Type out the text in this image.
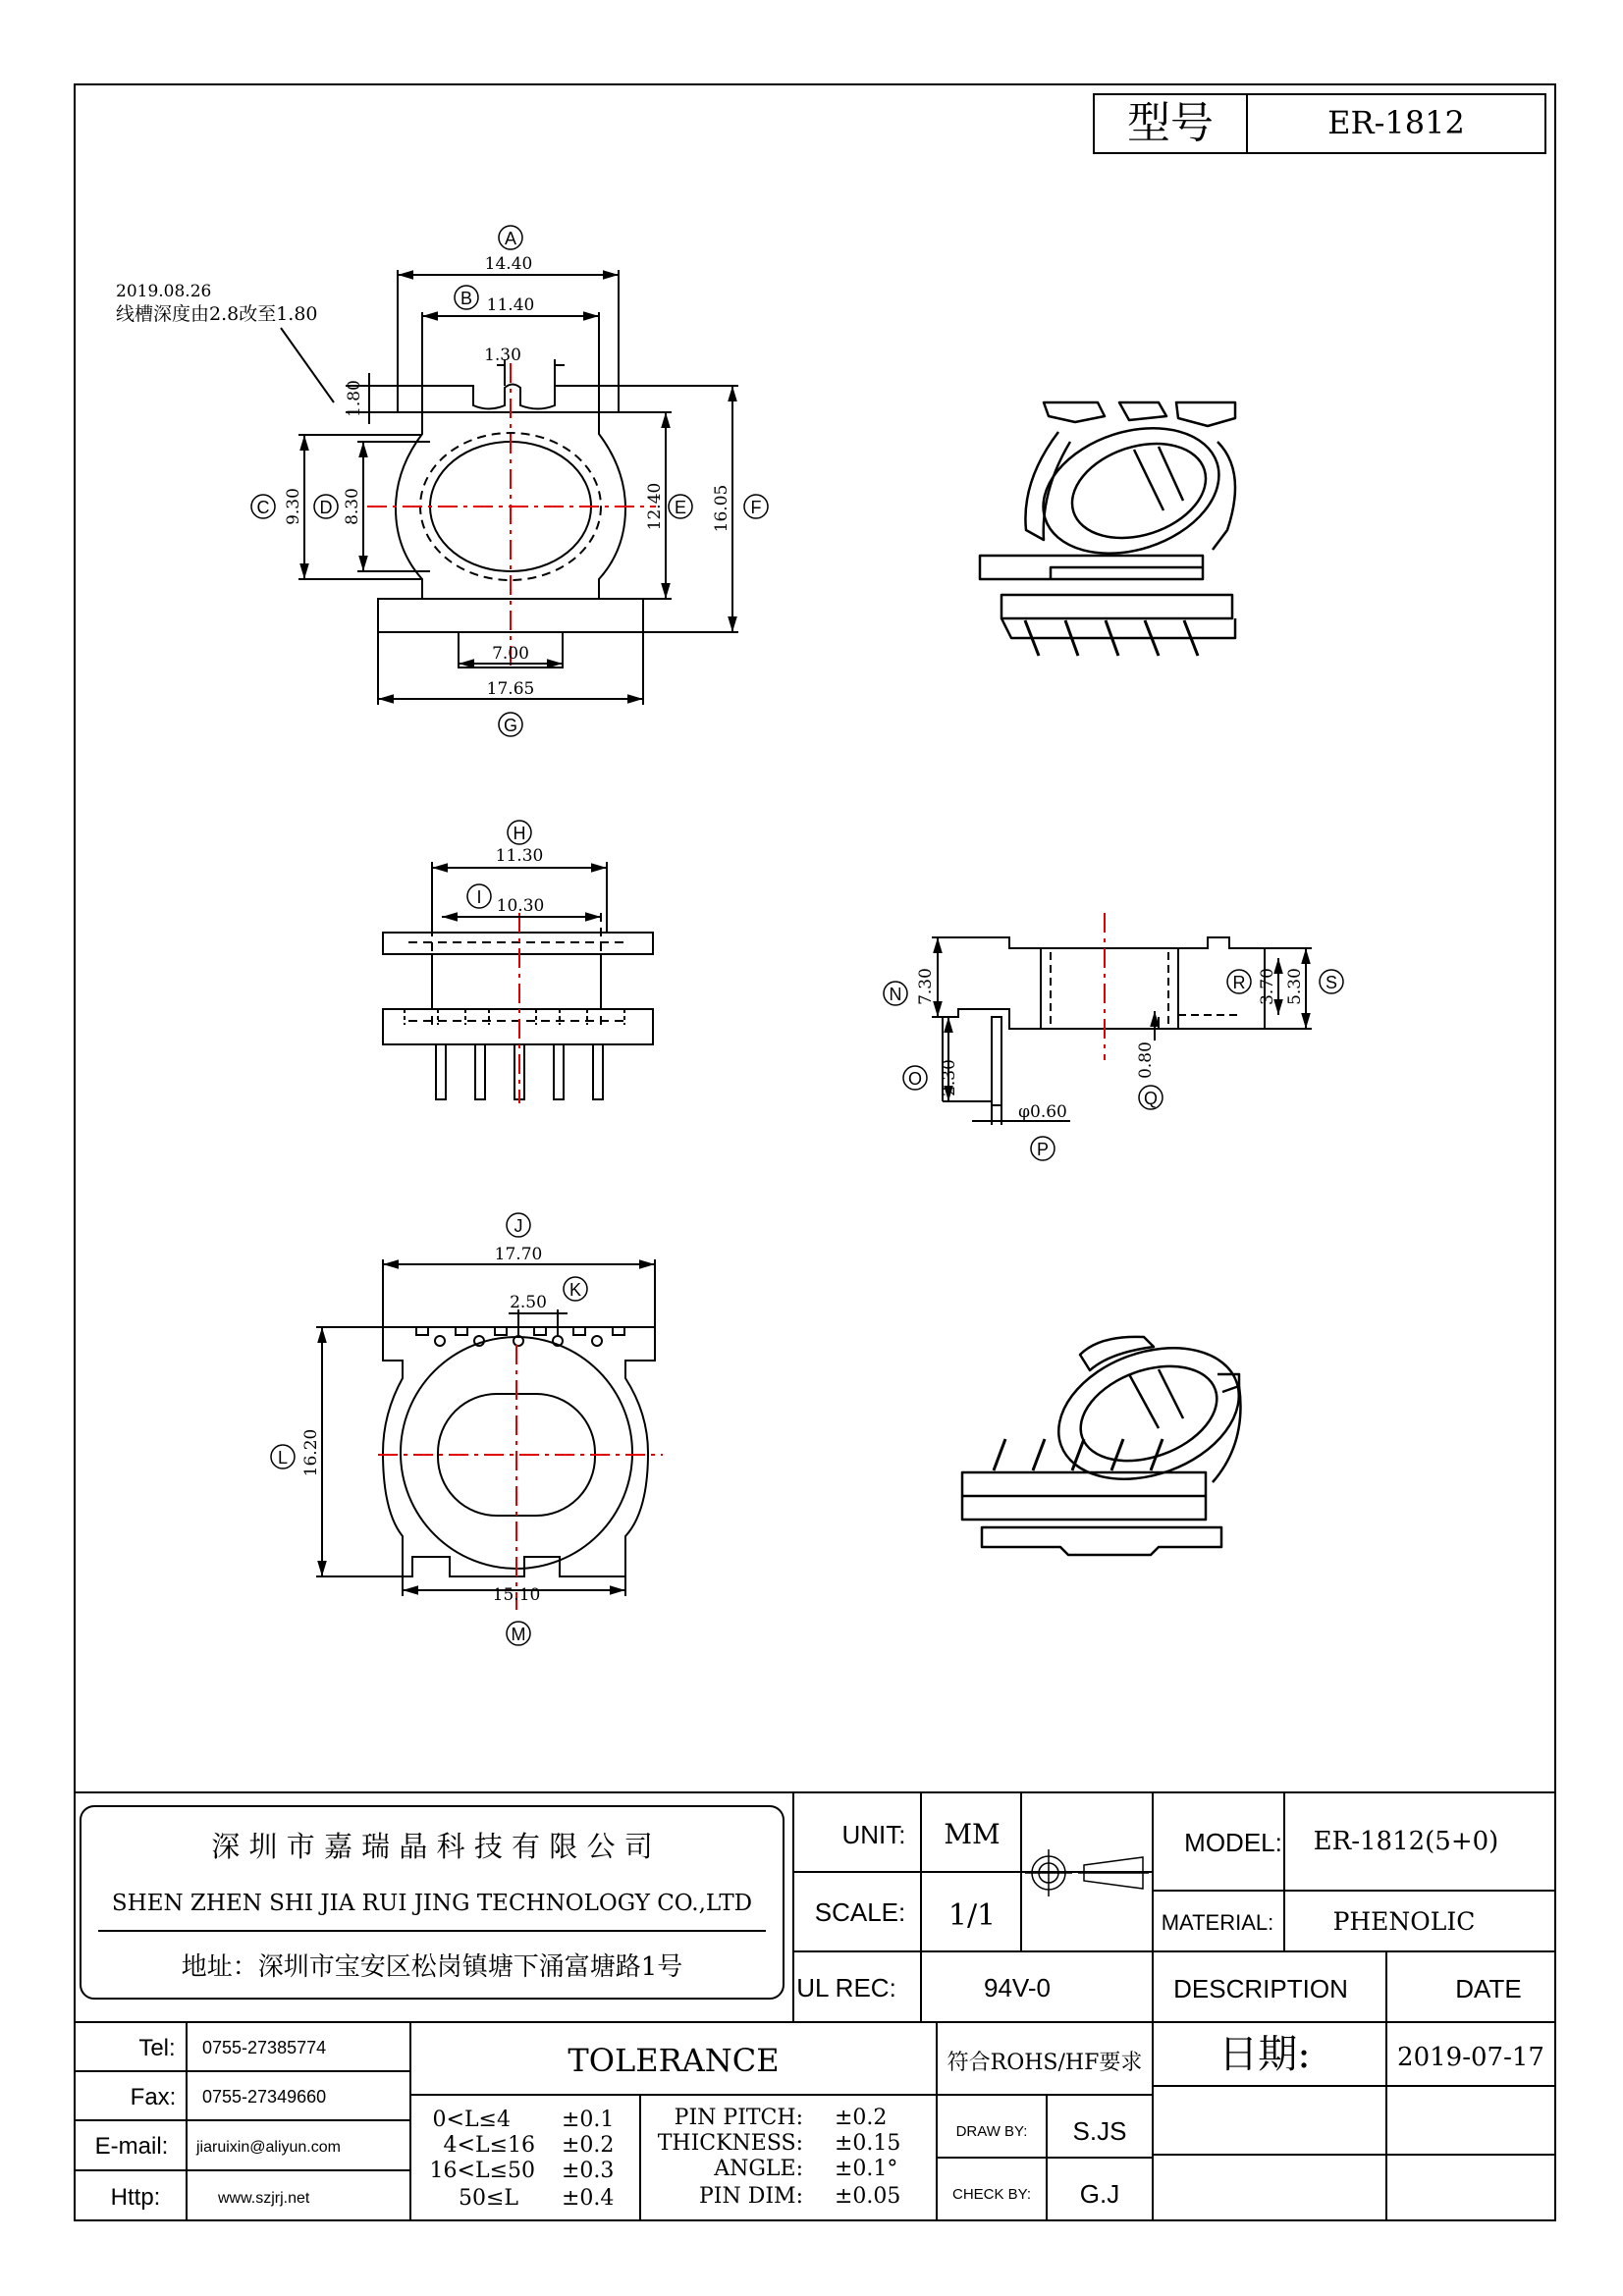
型号	ER-1812
2019.08.26
线槽深度由2.8改至1.80
A
14.40
B 11.40
1.30
1.80
C 9.30 D 8.30	12.40 E 16.05 F
7.00
17.65
G
H
11.30
I 10.30
N 7.30
O 2.30
φ0.60
P
0.80
Q
R 3.70 5.30 S
J
17.70
K
2.50
L 16.20
15.10
M
深 圳 市 嘉 瑞 晶 科 技 有 限 公 司
SHEN ZHEN SHI JIA RUI JING TECHNOLOGY CO.,LTD
地址：深圳市宝安区松岗镇塘下涌富塘路1号
UNIT: MM
SCALE: 1/1
UL REC:	94V-0
MODEL: ER-1812(5+0)
MATERIAL: PHENOLIC
DESCRIPTION	DATE
日期:	2019-07-17
符合ROHS/HF要求
DRAW BY: S.JS
CHECK BY: G.J
TOLERANCE
Tel: 0755-27385774
Fax: 0755-27349660
E-mail: jiaruixin@aliyun.com
Http:	www.szjrj.net
0<L≤4 ±0.1
4<L≤16 ±0.2
16<L≤50 ±0.3
50≤L ±0.4
PIN PITCH: ±0.2
THICKNESS: ±0.15
ANGLE: ±0.1°
PIN DIM: ±0.05
